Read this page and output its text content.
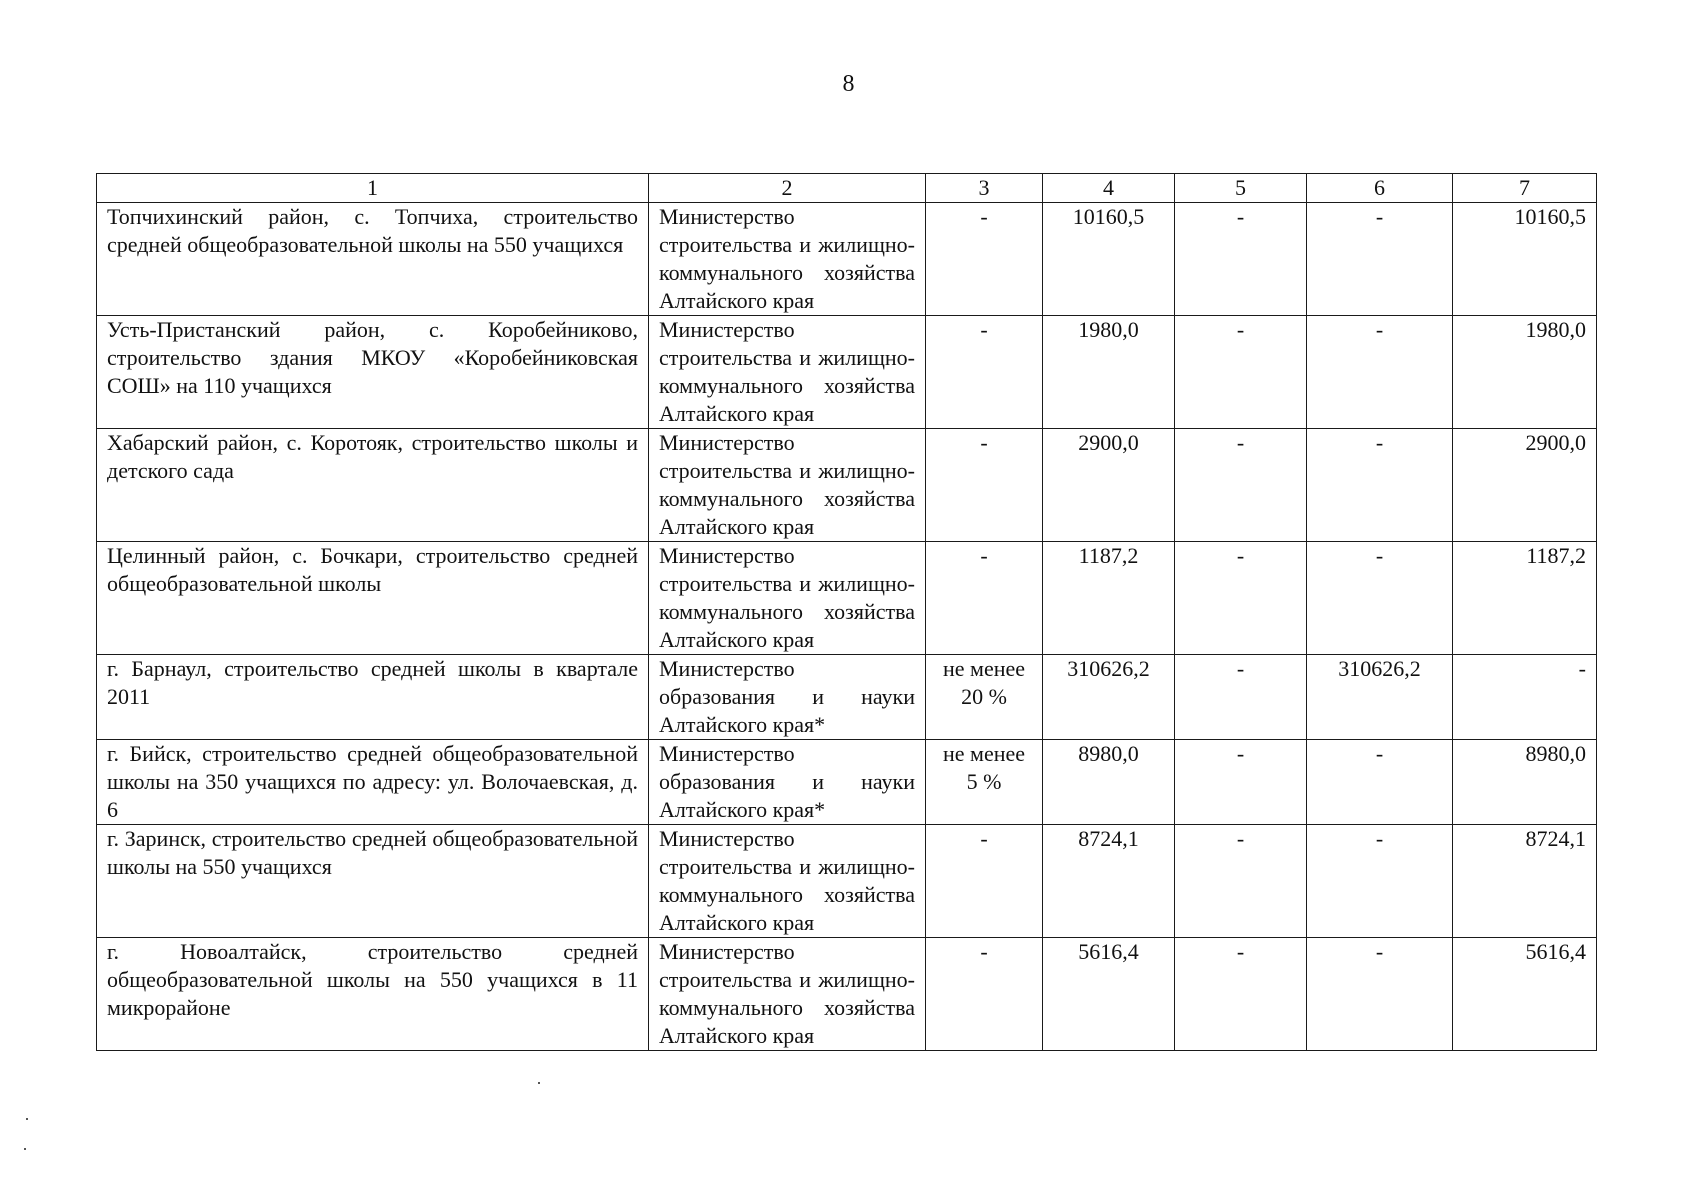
8
1	2	3	4	5	6	7
Топчихинский район, с. Топчиха, строительство средней общеобразовательной школы на 550 учащихся	Министерство строительства и жилищно-коммунального хозяйства Алтайского края	-	10160,5	-	-	10160,5
Усть-Пристанский район, с. Коробейниково, строительство здания МКОУ «Коробейниковская СОШ» на 110 учащихся	Министерство строительства и жилищно-коммунального хозяйства Алтайского края	-	1980,0	-	-	1980,0
Хабарский район, с. Коротояк, строительство школы и детского сада	Министерство строительства и жилищно-коммунального хозяйства Алтайского края	-	2900,0	-	-	2900,0
Целинный район, с. Бочкари, строительство средней общеобразовательной школы	Министерство строительства и жилищно-коммунального хозяйства Алтайского края	-	1187,2	-	-	1187,2
г. Барнаул, строительство средней школы в квартале 2011	Министерство образования и науки Алтайского края*	не менее 20 %	310626,2	-	310626,2	-
г. Бийск, строительство средней общеобразовательной школы на 350 учащихся по адресу: ул. Волочаевская, д. 6	Министерство образования и науки Алтайского края*	не менее 5 %	8980,0	-	-	8980,0
г. Заринск, строительство средней общеобразовательной школы на 550 учащихся	Министерство строительства и жилищно-коммунального хозяйства Алтайского края	-	8724,1	-	-	8724,1
г. Новоалтайск, строительство средней общеобразовательной школы на 550 учащихся в 11 микрорайоне	Министерство строительства и жилищно-коммунального хозяйства Алтайского края	-	5616,4	-	-	5616,4
